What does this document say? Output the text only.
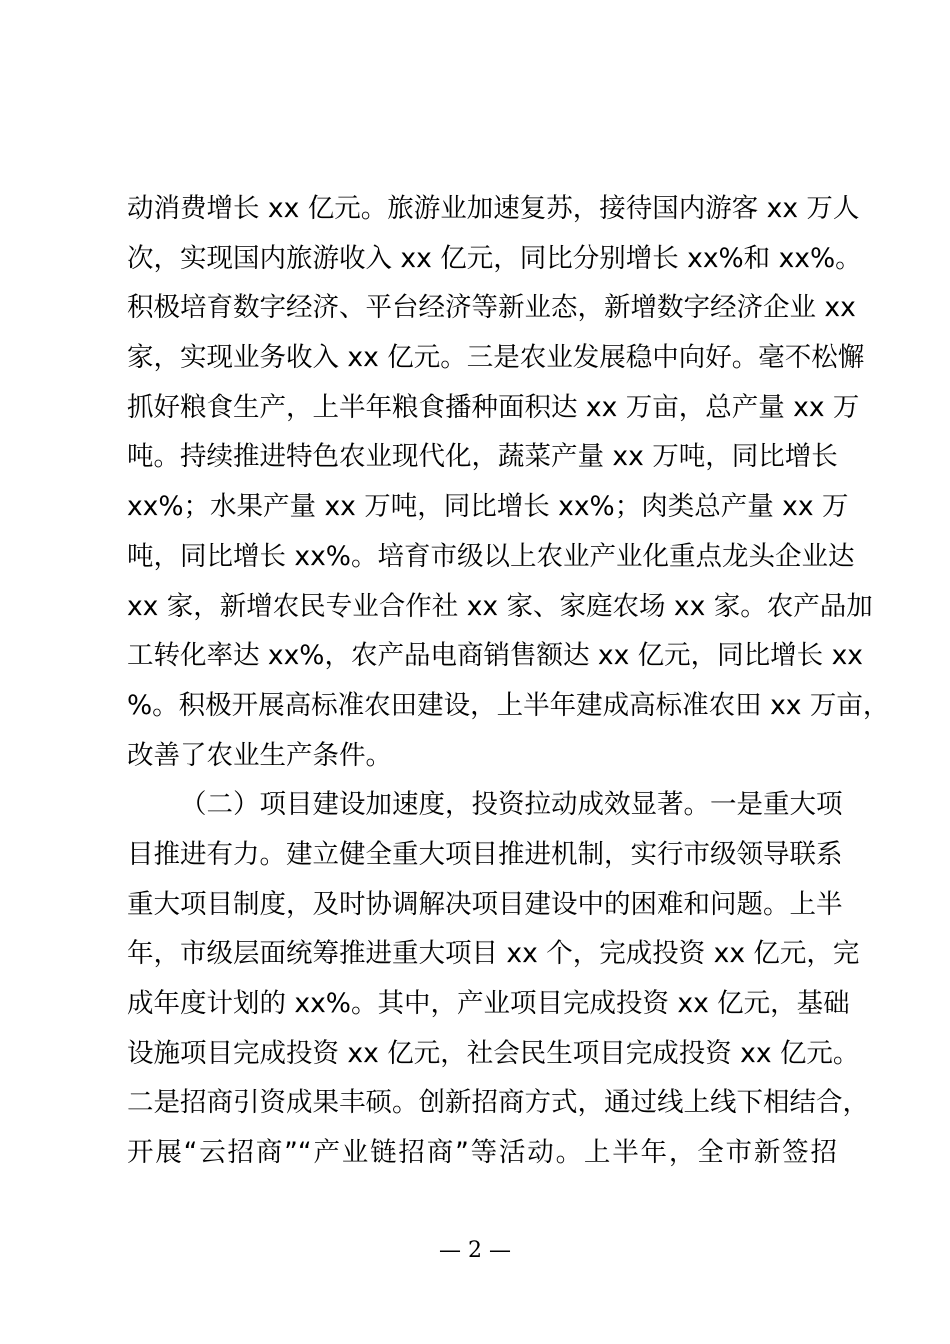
动消费增长 xx 亿元。旅游业加速复苏，接待国内游客 xx 万人
次，实现国内旅游收入 xx 亿元，同比分别增长 xx%和 xx%。
积极培育数字经济、平台经济等新业态，新增数字经济企业 xx
家，实现业务收入 xx 亿元。三是农业发展稳中向好。毫不松懈
抓好粮食生产，上半年粮食播种面积达 xx 万亩，总产量 xx 万
吨。持续推进特色农业现代化，蔬菜产量 xx 万吨，同比增长
xx%；水果产量 xx 万吨，同比增长 xx%；肉类总产量 xx 万
吨，同比增长 xx%。培育市级以上农业产业化重点龙头企业达
xx 家，新增农民专业合作社 xx 家、家庭农场 xx 家。农产品加
工转化率达 xx%，农产品电商销售额达 xx 亿元，同比增长 xx
%。积极开展高标准农田建设，上半年建成高标准农田 xx 万亩，
改善了农业生产条件。
（二）项目建设加速度，投资拉动成效显著。一是重大项
目推进有力。建立健全重大项目推进机制，实行市级领导联系
重大项目制度，及时协调解决项目建设中的困难和问题。上半
年，市级层面统筹推进重大项目 xx 个，完成投资 xx 亿元，完
成年度计划的 xx%。其中，产业项目完成投资 xx 亿元，基础
设施项目完成投资 xx 亿元，社会民生项目完成投资 xx 亿元。
二是招商引资成果丰硕。创新招商方式，通过线上线下相结合，
开展“云招商”“产业链招商”等活动。上半年，全市新签招
— 2 —
